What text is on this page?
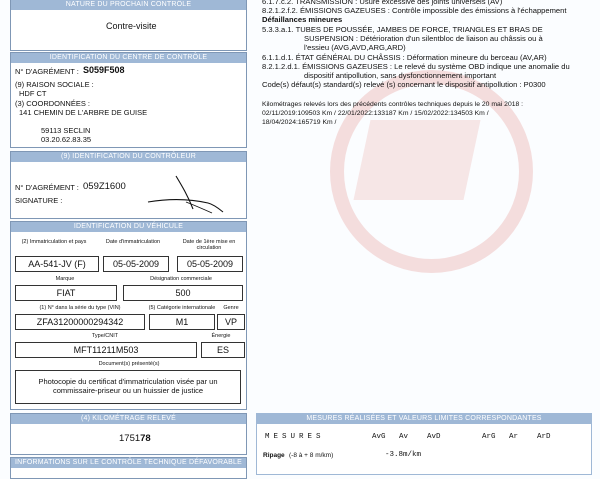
NATURE DU PROCHAIN CONTRÔLE
Contre-visite
IDENTIFICATION DU CENTRE DE CONTRÔLE
N° D'AGRÉMENT : S059F508
(9) RAISON SOCIALE :
HDF CT
(3) COORDONNÉES :
141 CHEMIN DE L'ARBRE DE GUISE
59113 SECLIN
03.20.62.83.35
(9) IDENTIFICATION DU CONTRÔLEUR
N° D'AGRÉMENT : 059Z1600
SIGNATURE :
IDENTIFICATION DU VÉHICULE
(2) Immatriculation et pays	Date d'immatriculation	Date de 1ère mise en circulation
AA-541-JV (F)	05-05-2009	05-05-2009
Marque	Désignation commerciale
FIAT	500
(1) N° dans la série du type (VIN)	(5) Catégorie internationale	Genre
ZFA31200000294342	M1	VP
Type/CNIT	Énergie
MFT11211M503	ES
Document(s) présenté(s)
Photocopie du certificat d'immatriculation visée par un commissaire-priseur ou un huissier de justice
(4) KILOMÉTRAGE RELEVÉ
175178
INFORMATIONS SUR LE CONTRÔLE TECHNIQUE DÉFAVORABLE
6.1.7.c.2. TRANSMISSION : Usure excessive des joints universels (AV)
8.2.1.2.f.2. ÉMISSIONS GAZEUSES : Contrôle impossible des émissions à l'échappement
Défaillances mineures
5.3.3.a.1. TUBES DE POUSSÉE, JAMBES DE FORCE, TRIANGLES ET BRAS DE
SUSPENSION : Détérioration d'un silentbloc de liaison au châssis ou à
l'essieu (AVG,AVD,ARG,ARD)
6.1.1.d.1. ÉTAT GÉNÉRAL DU CHÂSSIS : Déformation mineure du berceau (AV,AR)
8.2.1.2.d.1. ÉMISSIONS GAZEUSES : Le relevé du système OBD indique une anomalie du
dispositif antipollution, sans dysfonctionnement important
Code(s) défaut(s) standard(s) relevé (s) concernant le dispositif antipollution : P0300
Kilométrages relevés lors des précédents contrôles techniques depuis le 20 mai 2018 :
02/11/2019:109503 Km / 22/01/2022:133187 Km / 15/02/2022:134503 Km /
18/04/2024:165719 Km /
MESURES RÉALISÉES ET VALEURS LIMITES CORRESPONDANTES
MESURES	AvG Av	AvD	ArG Ar	ArD
Ripage (-8 à + 8 m/km)	-3.8m/km
